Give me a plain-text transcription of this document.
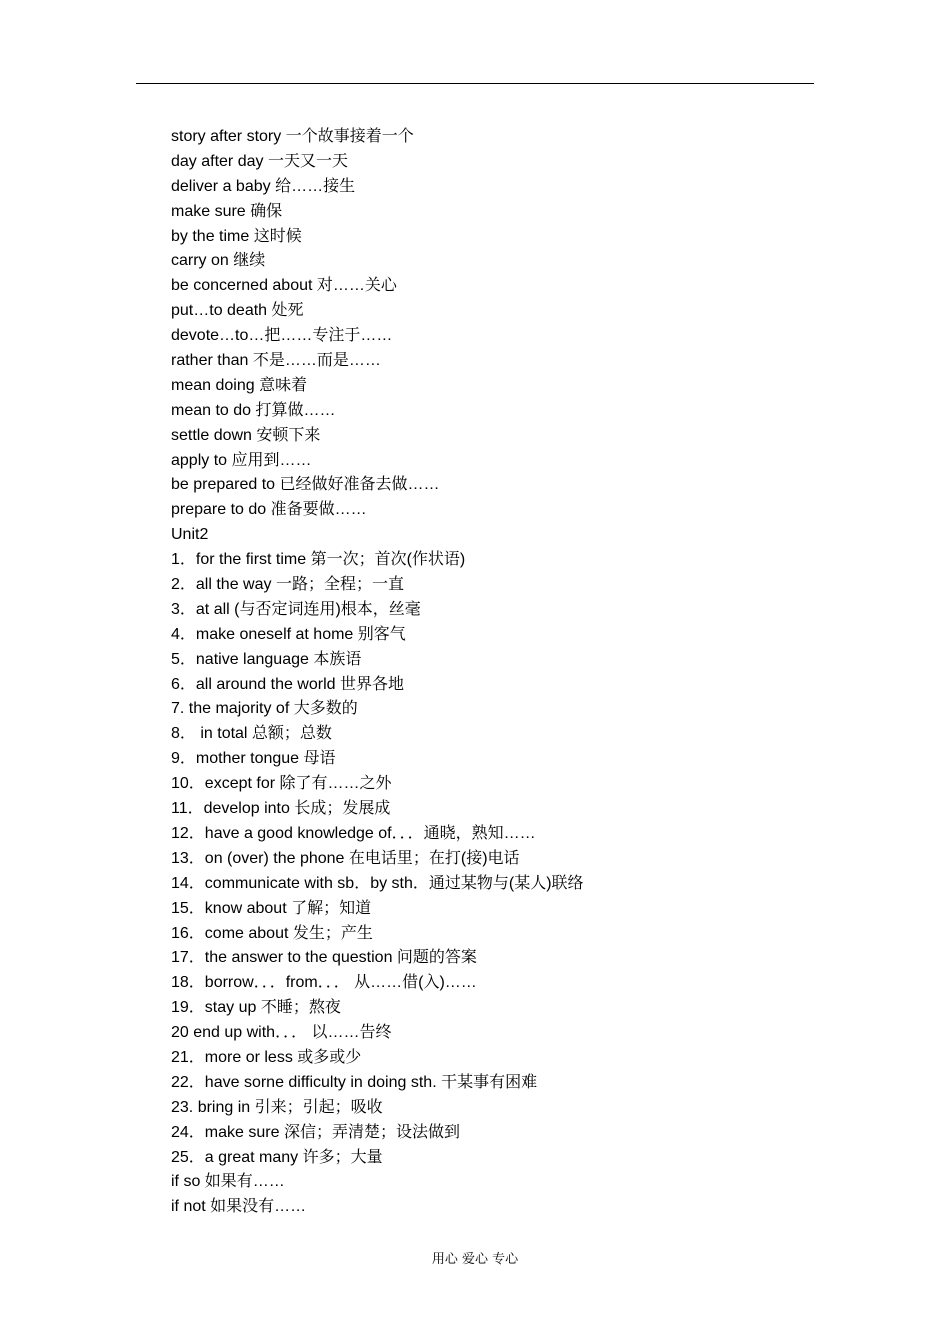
story after story 一个故事接着一个
day after day 一天又一天
deliver a baby 给……接生
make sure 确保
by the time 这时候
carry on 继续
be concerned about 对……关心
put…to death 处死
devote…to…把……专注于……
rather than 不是……而是……
mean doing 意味着
mean to do 打算做……
settle down 安顿下来
apply to 应用到……
be prepared to 已经做好准备去做……
prepare to do 准备要做……
Unit2
1．for the first time 第一次；首次(作状语)
2．all the way 一路；全程；一直
3．at all (与否定词连用)根本，丝毫
4．make oneself at home 别客气
5．native language 本族语
6．all around the world 世界各地
7. the majority of 大多数的
8． in total 总额；总数
9．mother tongue 母语
10．except for 除了有……之外
11．develop into 长成；发展成
12．have a good knowledge of．．．通晓，熟知……
13．on (over) the phone 在电话里；在打(接)电话
14．communicate with sb．by sth．通过某物与(某人)联络
15．know about 了解；知道
16．come about 发生；产生
17．the answer to the question 问题的答案
18．borrow．．．from．．． 从……借(入)……
19．stay up 不睡；熬夜
20 end up with．．． 以……告终
21．more or less 或多或少
22．have sorne difficulty in doing sth. 干某事有困难
23. bring in 引来；引起；吸收
24．make sure 深信；弄清楚；设法做到
25．a great many 许多；大量
if so 如果有……
if not 如果没有……
用心 爱心 专心
